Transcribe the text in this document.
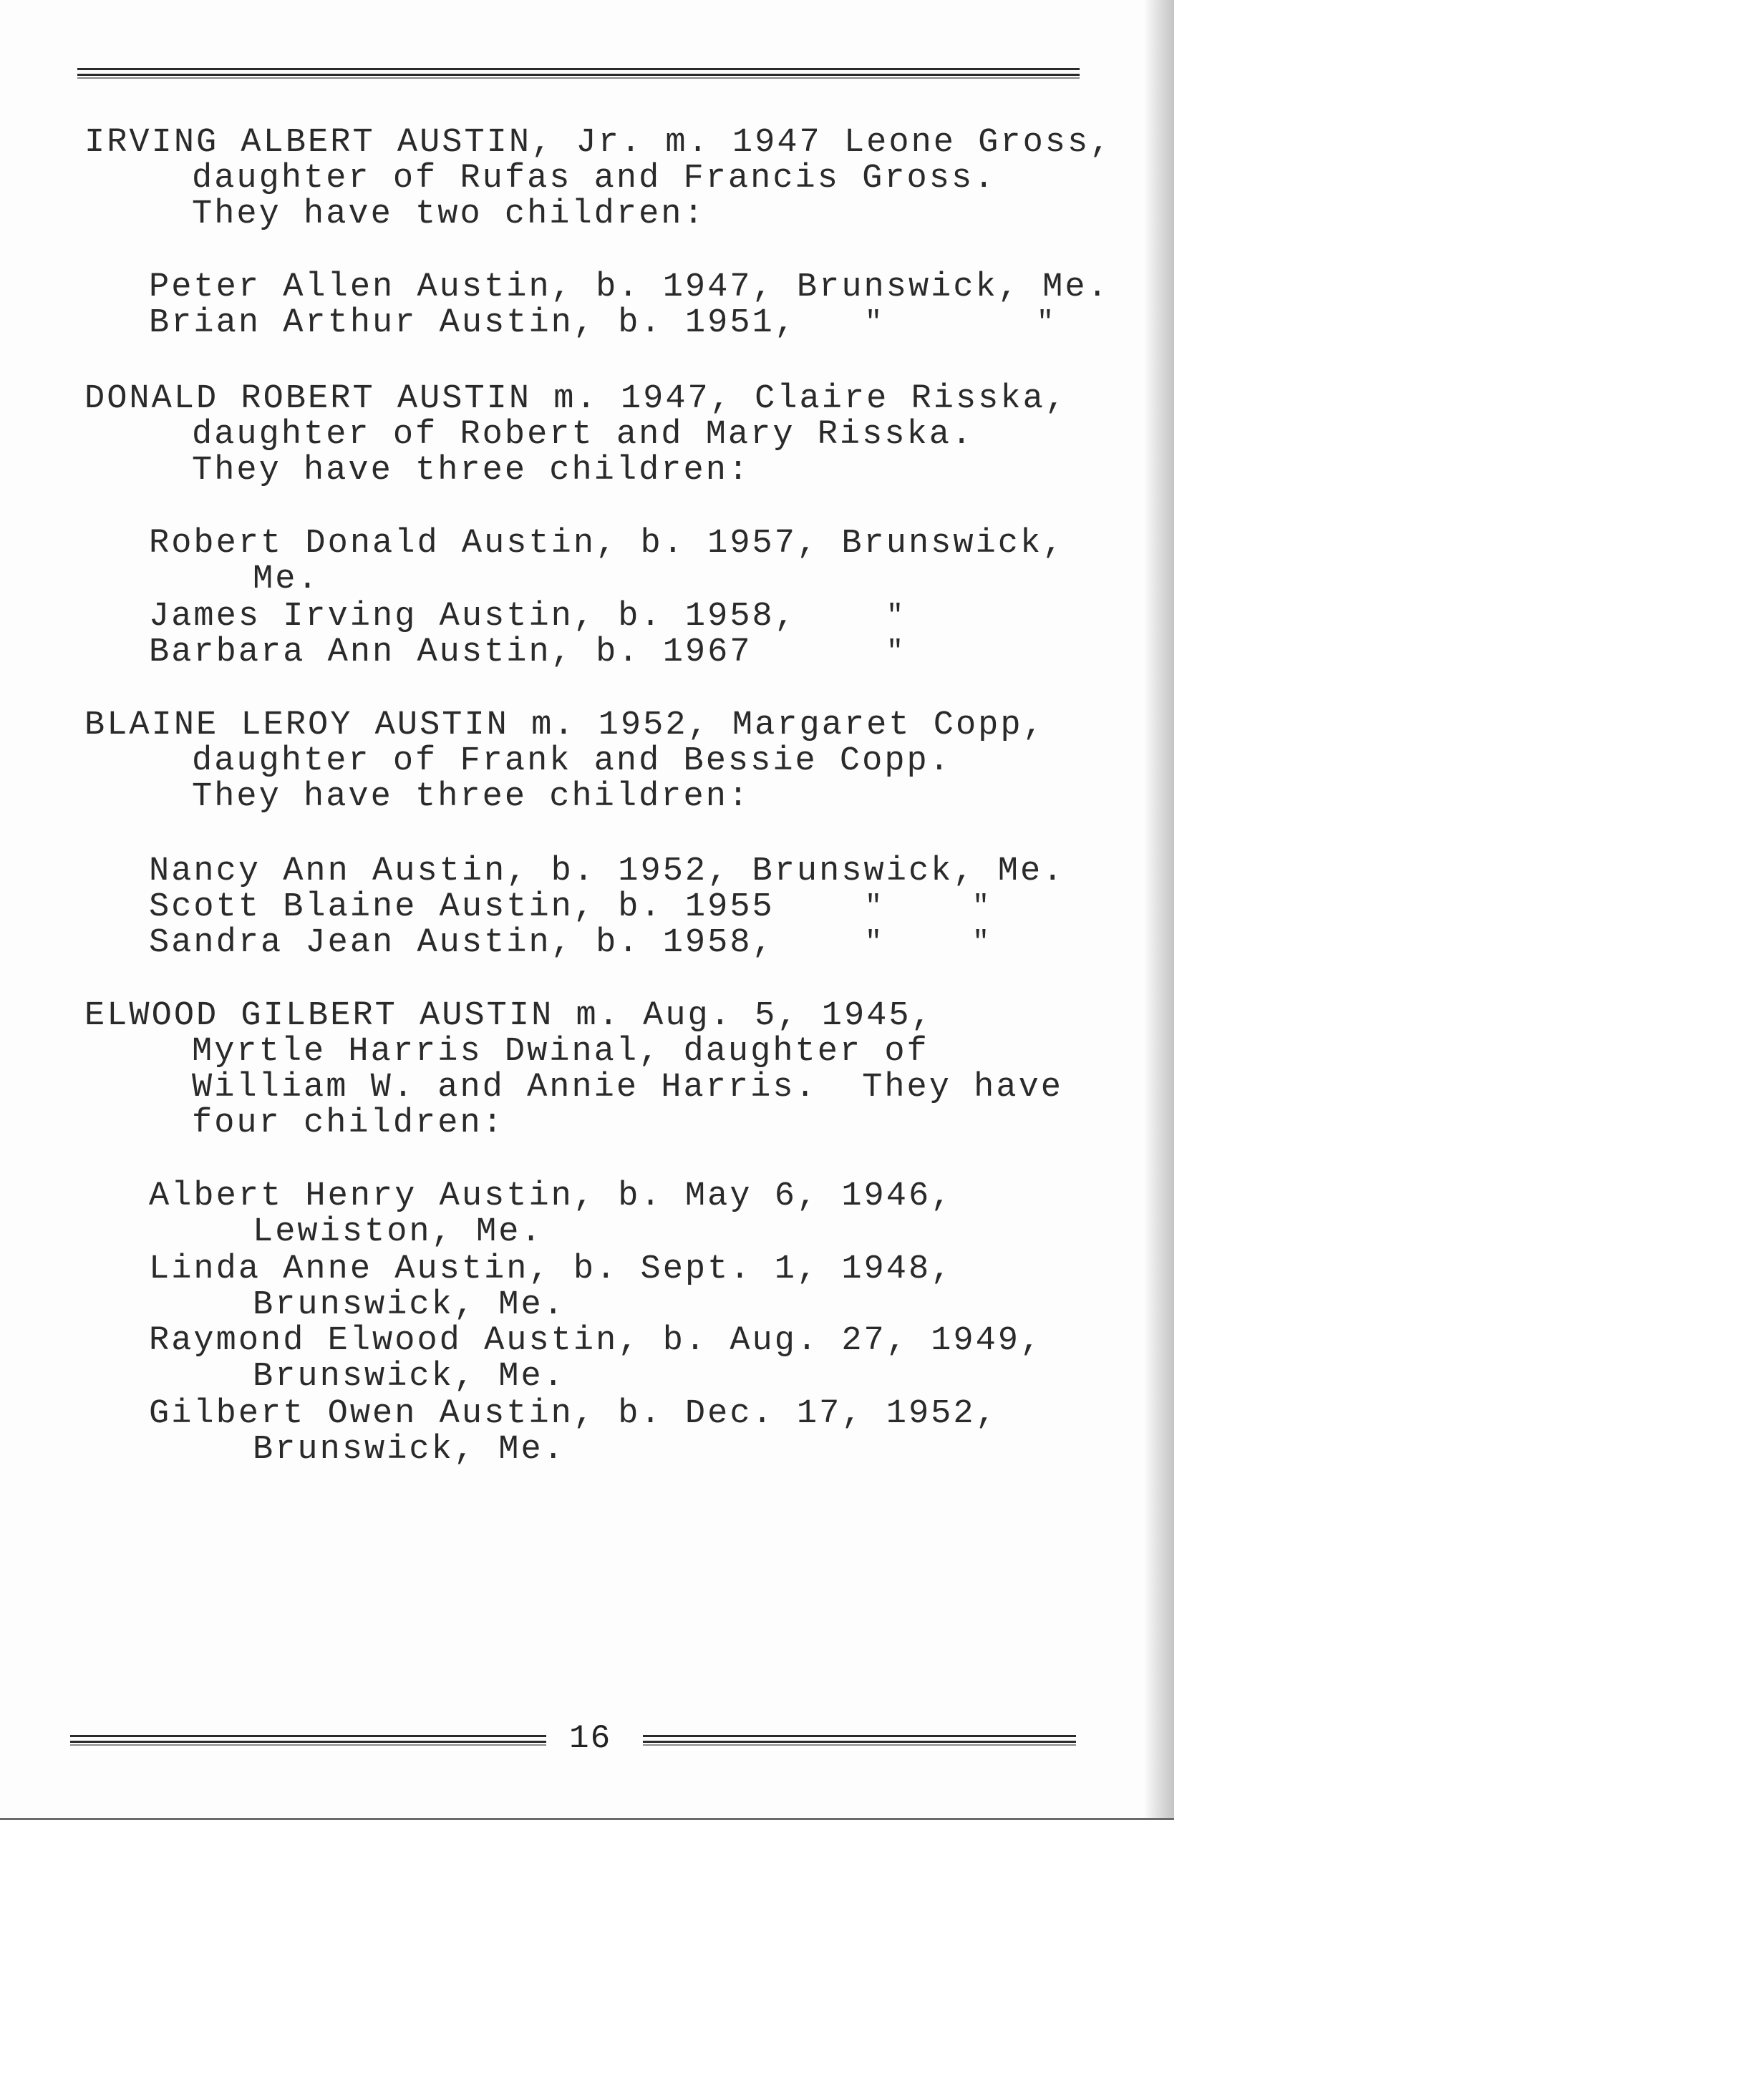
IRVING ALBERT AUSTIN, Jr. m. 1947 Leone Gross,
daughter of Rufas and Francis Gross.
They have two children:
Peter Allen Austin, b. 1947, Brunswick, Me.
Brian Arthur Austin, b. 1951, "	"
DONALD ROBERT AUSTIN m. 1947, Claire Risska,
daughter of Robert and Mary Risska.
They have three children:
Robert Donald Austin, b. 1957, Brunswick,
Me.
James Irving Austin, b. 1958,	"
Barbara Ann Austin, b. 1967	"
BLAINE LEROY AUSTIN m. 1952, Margaret Copp,
daughter of Frank and Bessie Copp.
They have three children:
Nancy Ann Austin, b. 1952, Brunswick, Me.
Scott Blaine Austin, b. 1955	"	"
Sandra Jean Austin, b. 1958,	"	"
ELWOOD GILBERT AUSTIN m. Aug. 5, 1945,
Myrtle Harris Dwinal, daughter of
William W. and Annie Harris.  They have
four children:
Albert Henry Austin, b. May 6, 1946,
Lewiston, Me.
Linda Anne Austin, b. Sept. 1, 1948,
Brunswick, Me.
Raymond Elwood Austin, b. Aug. 27, 1949,
Brunswick, Me.
Gilbert Owen Austin, b. Dec. 17, 1952,
Brunswick, Me.
16
